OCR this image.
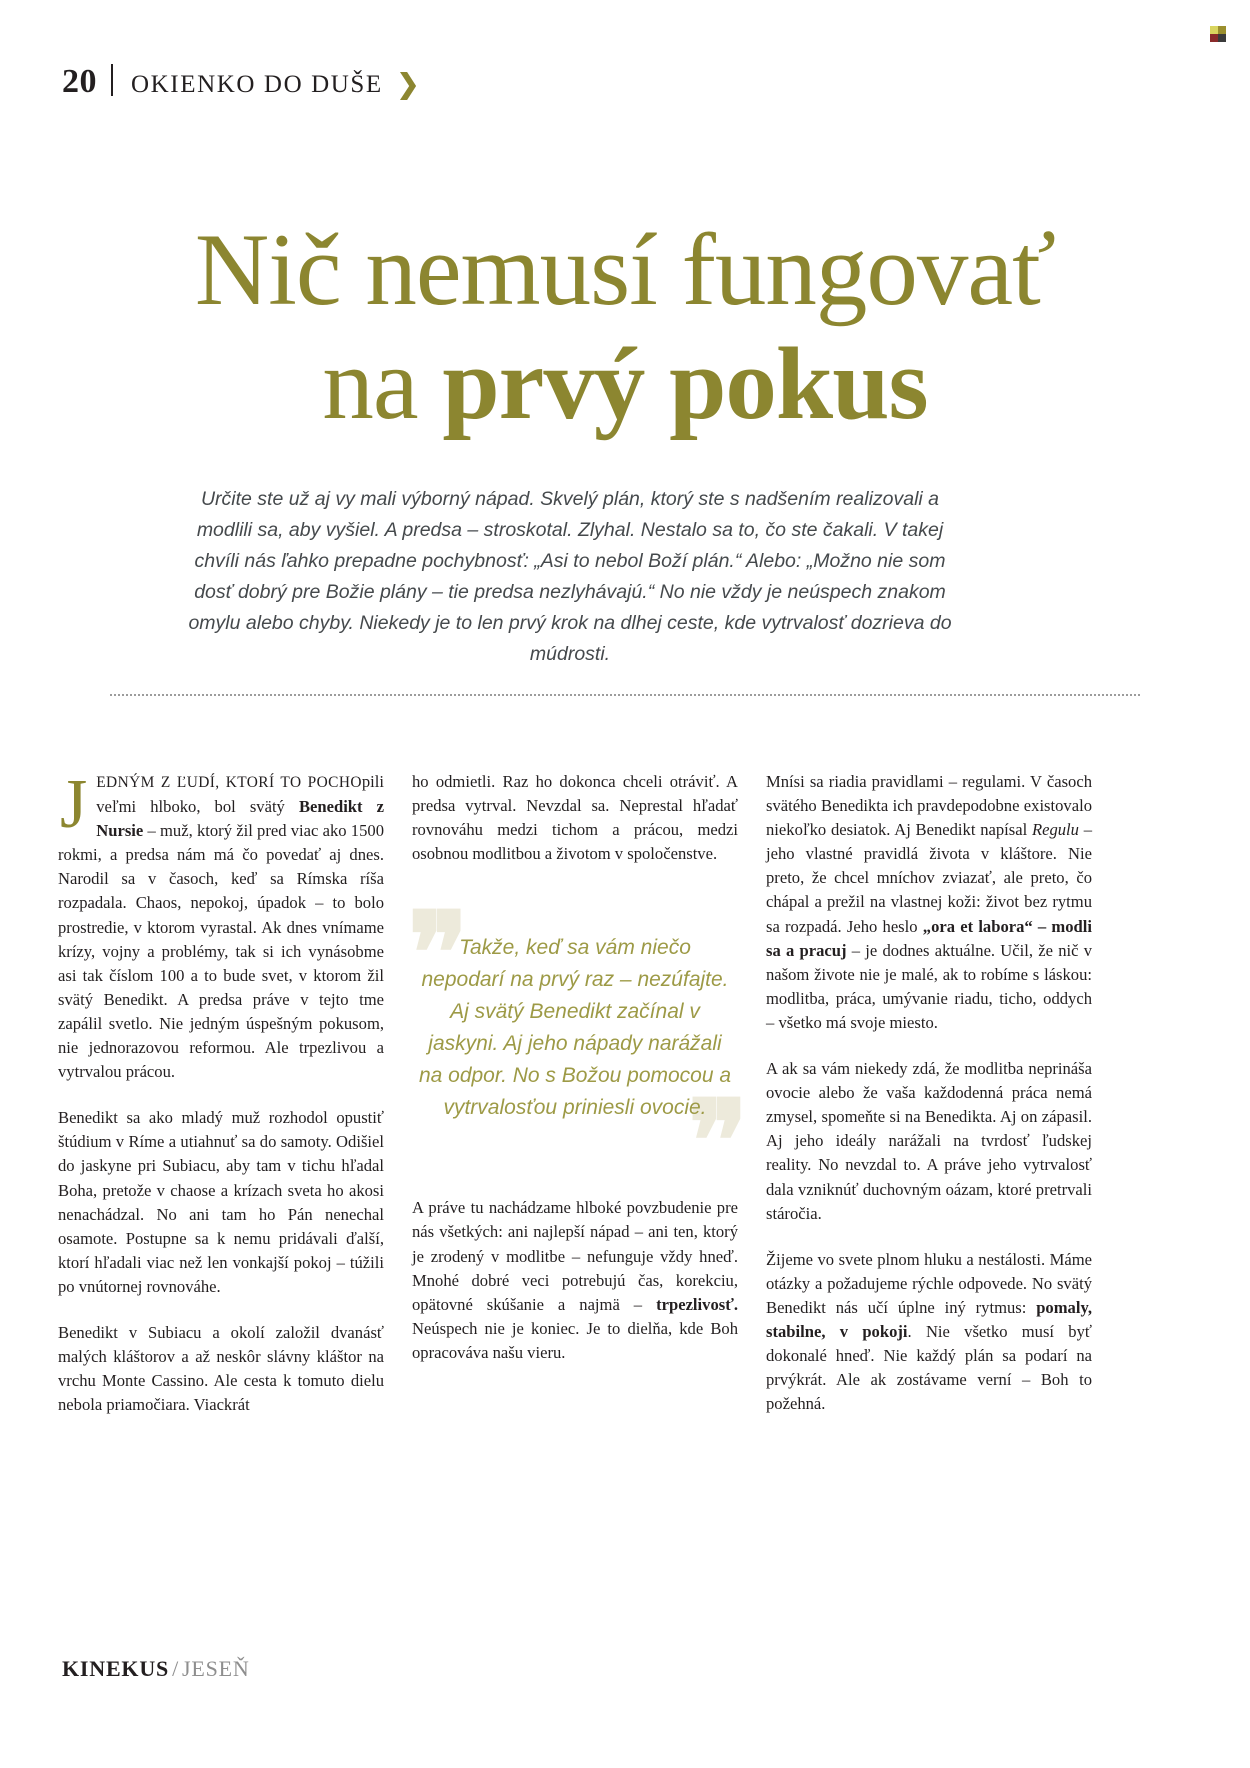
20 OKIENKO DO DUŠE ❯
Nič nemusí fungovať
na prvý pokus
Určite ste už aj vy mali výborný nápad. Skvelý plán, ktorý ste s nadšením realizovali a modlili sa, aby vyšiel. A predsa – stroskotal. Zlyhal. Nestalo sa to, čo ste čakali. V takej chvíli nás ľahko prepadne pochybnosť: „Asi to nebol Boží plán.“ Alebo: „Možno nie som dosť dobrý pre Božie plány – tie predsa nezlyhávajú.“ No nie vždy je neúspech znakom omylu alebo chyby. Niekedy je to len prvý krok na dlhej ceste, kde vytrvalosť dozrieva do múdrosti.

JEDNÝM Z ĽUDÍ, KTORÍ TO POCHOpili veľmi hlboko, bol svätý Benedikt z Nursie – muž, ktorý žil pred viac ako 1500 rokmi, a predsa nám má čo povedať aj dnes. Narodil sa v časoch, keď sa Rímska ríša rozpadala. Chaos, nepokoj, úpadok – to bolo prostredie, v ktorom vyrastal. Ak dnes vnímame krízy, vojny a problémy, tak si ich vynásobme asi tak číslom 100 a to bude svet, v ktorom žil svätý Benedikt. A predsa práve v tejto tme zapálil svetlo. Nie jedným úspešným pokusom, nie jednorazovou reformou. Ale trpezlivou a vytrvalou prácou.

Benedikt sa ako mladý muž rozhodol opustiť štúdium v Ríme a utiahnuť sa do samoty. Odišiel do jaskyne pri Subiacu, aby tam v tichu hľadal Boha, pretože v chaose a krízach sveta ho akosi nenachádzal. No ani tam ho Pán nenechal osamote. Postupne sa k nemu pridávali ďalší, ktorí hľadali viac než len vonkajší pokoj – túžili po vnútornej rovnováhe.

Benedikt v Subiacu a okolí založil dvanásť malých kláštorov a až neskôr slávny kláštor na vrchu Monte Cassino. Ale cesta k tomuto dielu nebola priamočiara. Viackrát

ho odmietli. Raz ho dokonca chceli otráviť. A predsa vytrval. Nevzdal sa. Neprestal hľadať rovnováhu medzi tichom a prácou, medzi osobnou modlitbou a životom v spoločenstve.

❞
Takže, keď sa vám niečo nepodarí na prvý raz – nezúfajte. Aj svätý Benedikt začínal v jaskyni. Aj jeho nápady narážali na odpor. No s Božou pomocou a vytrvalosťou priniesli ovocie.
❞

A práve tu nachádzame hlboké povzbudenie pre nás všetkých: ani najlepší nápad – ani ten, ktorý je zrodený v modlitbe – nefunguje vždy hneď. Mnohé dobré veci potrebujú čas, korekciu, opätovné skúšanie a najmä – trpezlivosť. Neúspech nie je koniec. Je to dielňa, kde Boh opracováva našu vieru.

Mnísi sa riadia pravidlami – regulami. V časoch svätého Benedikta ich pravdepodobne existovalo niekoľko desiatok. Aj Benedikt napísal Regulu – jeho vlastné pravidlá života v kláštore. Nie preto, že chcel mníchov zviazať, ale preto, čo chápal a prežil na vlastnej koži: život bez rytmu sa rozpadá. Jeho heslo „ora et labora“ – modli sa a pracuj – je dodnes aktuálne. Učil, že nič v našom živote nie je malé, ak to robíme s láskou: modlitba, práca, umývanie riadu, ticho, oddych – všetko má svoje miesto.

A ak sa vám niekedy zdá, že modlitba neprináša ovocie alebo že vaša každodenná práca nemá zmysel, spomeňte si na Benedikta. Aj on zápasil. Aj jeho ideály narážali na tvrdosť ľudskej reality. No nevzdal to. A práve jeho vytrvalosť dala vzniknúť duchovným oázam, ktoré pretrvali stáročia.

Žijeme vo svete plnom hluku a nestálosti. Máme otázky a požadujeme rýchle odpovede. No svätý Benedikt nás učí úplne iný rytmus: pomaly, stabilne, v pokoji. Nie všetko musí byť dokonalé hneď. Nie každý plán sa podarí na prvýkrát. Ale ak zostávame verní – Boh to požehná.

KINEKUS / JESEŇ
